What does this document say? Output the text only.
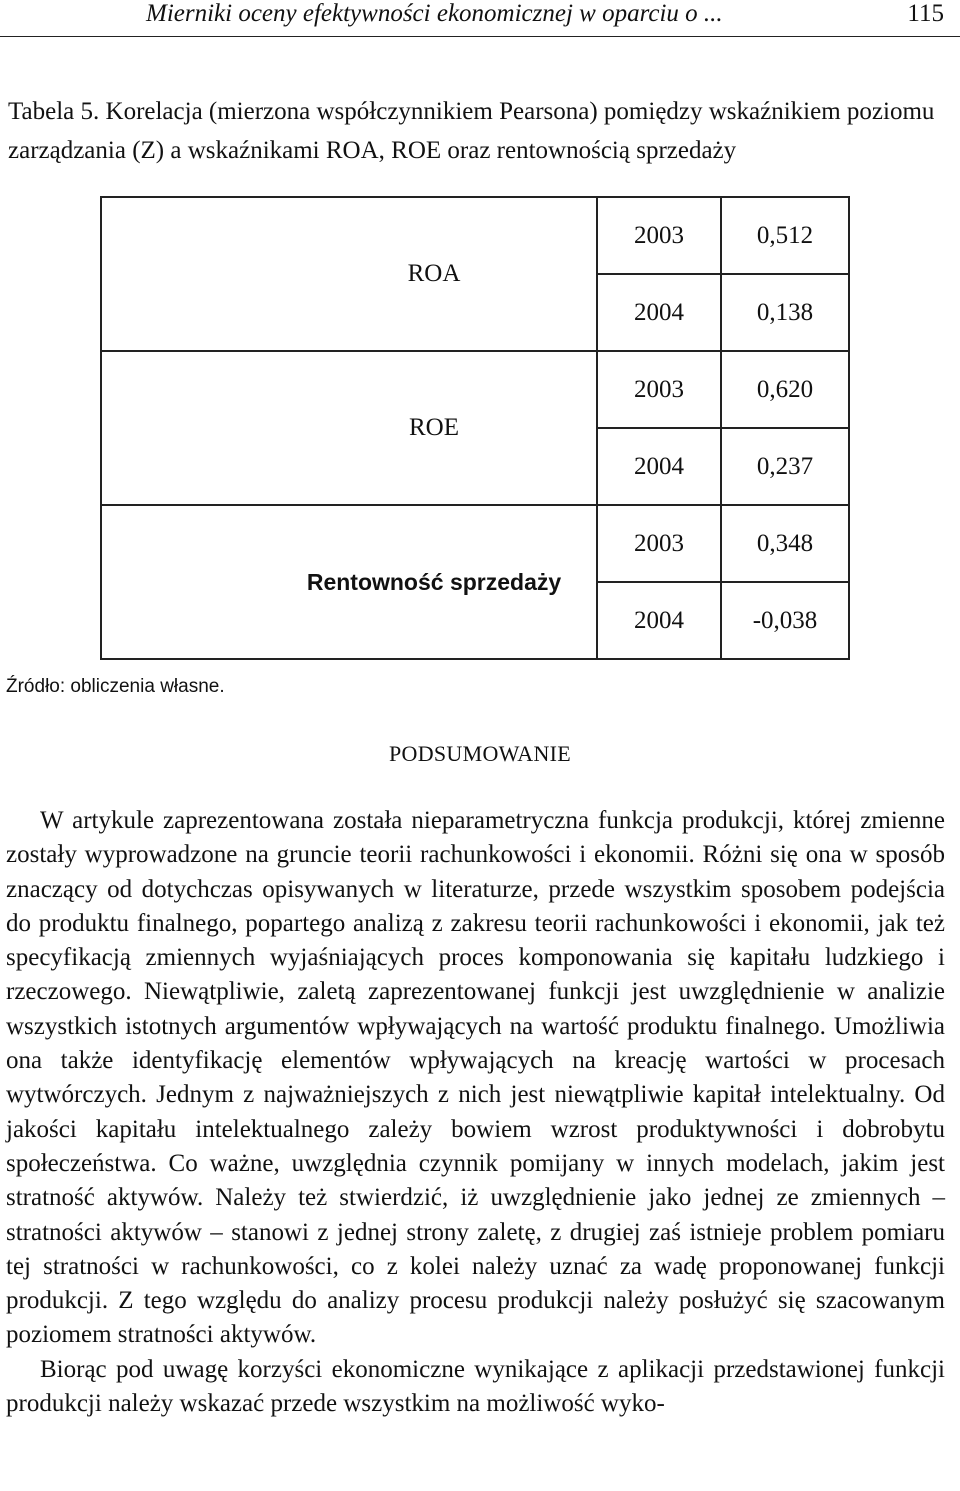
Mierniki oceny efektywności ekonomicznej w oparciu o ...	115
Tabela 5. Korelacja (mierzona współczynnikiem Pearsona) pomiędzy wskaźnikiem poziomu zarządzania (Z) a wskaźnikami ROA, ROE oraz rentownością sprzedaży
	ROA	2003	0,512
		2004	0,138
	ROE	2003	0,620
		2004	0,237
	Rentowność sprzedaży	2003	0,348
		2004	-0,038
Źródło: obliczenia własne.
PODSUMOWANIE

W artykule zaprezentowana została nieparametryczna funkcja produkcji, której zmienne zostały wyprowadzone na gruncie teorii rachunkowości i ekonomii. Różni się ona w sposób znaczący od dotychczas opisywanych w literaturze, przede wszystkim sposobem podejścia do produktu finalnego, popartego analizą z zakresu teorii rachunkowości i ekonomii, jak też specyfikacją zmiennych wyjaśniających proces komponowania się kapitału ludzkiego i rzeczowego. Niewątpliwie, zaletą zaprezentowanej funkcji jest uwzględnienie w analizie wszystkich istotnych argumentów wpływających na wartość produktu finalnego. Umożliwia ona także identyfikację elementów wpływających na kreację wartości w procesach wytwórczych. Jednym z najważniejszych z nich jest niewątpliwie kapitał intelektualny. Od jakości kapitału intelektualnego zależy bowiem wzrost produktywności i dobrobytu społeczeństwa. Co ważne, uwzględnia czynnik pomijany w innych modelach, jakim jest stratność aktywów. Należy też stwierdzić, iż uwzględnienie jako jednej ze zmiennych – stratności aktywów – stanowi z jednej strony zaletę, z drugiej zaś istnieje problem pomiaru tej stratności w rachunkowości, co z kolei należy uznać za wadę proponowanej funkcji produkcji. Z tego względu do analizy procesu produkcji należy posłużyć się szacowanym poziomem stratności aktywów.

Biorąc pod uwagę korzyści ekonomiczne wynikające z aplikacji przedstawionej funkcji produkcji należy wskazać przede wszystkim na możliwość wyko-
